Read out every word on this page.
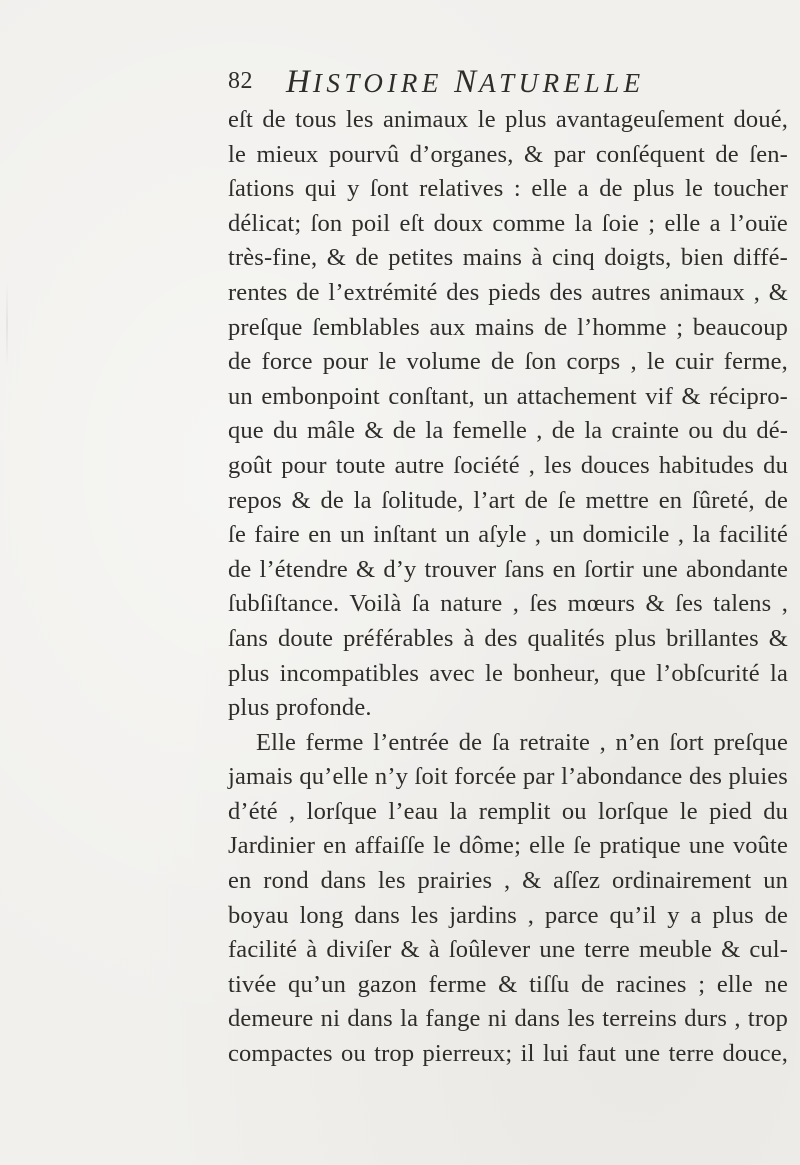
82 HISTOIRE NATURELLE
eſt de tous les animaux le plus avantageuſement doué,
le mieux pourvû d’organes, & par conſéquent de ſen-
ſations qui y ſont relatives : elle a de plus le toucher
délicat; ſon poil eſt doux comme la ſoie ; elle a l’ouïe
très-fine, & de petites mains à cinq doigts, bien diffé-
rentes de l’extrémité des pieds des autres animaux , &
preſque ſemblables aux mains de l’homme ; beaucoup
de force pour le volume de ſon corps , le cuir ferme,
un embonpoint conſtant, un attachement vif & récipro-
que du mâle & de la femelle , de la crainte ou du dé-
goût pour toute autre ſociété , les douces habitudes du
repos & de la ſolitude, l’art de ſe mettre en ſûreté, de
ſe faire en un inſtant un aſyle , un domicile , la facilité
de l’étendre & d’y trouver ſans en ſortir une abondante
ſubſiſtance. Voilà ſa nature , ſes mœurs & ſes talens ,
ſans doute préférables à des qualités plus brillantes &
plus incompatibles avec le bonheur, que l’obſcurité la
plus profonde.
Elle ferme l’entrée de ſa retraite , n’en ſort preſque
jamais qu’elle n’y ſoit forcée par l’abondance des pluies
d’été , lorſque l’eau la remplit ou lorſque le pied du
Jardinier en affaiſſe le dôme; elle ſe pratique une voûte
en rond dans les prairies , & aſſez ordinairement un
boyau long dans les jardins , parce qu’il y a plus de
facilité à diviſer & à ſoûlever une terre meuble & cul-
tivée qu’un gazon ferme & tiſſu de racines ; elle ne
demeure ni dans la fange ni dans les terreins durs , trop
compactes ou trop pierreux; il lui faut une terre douce,
